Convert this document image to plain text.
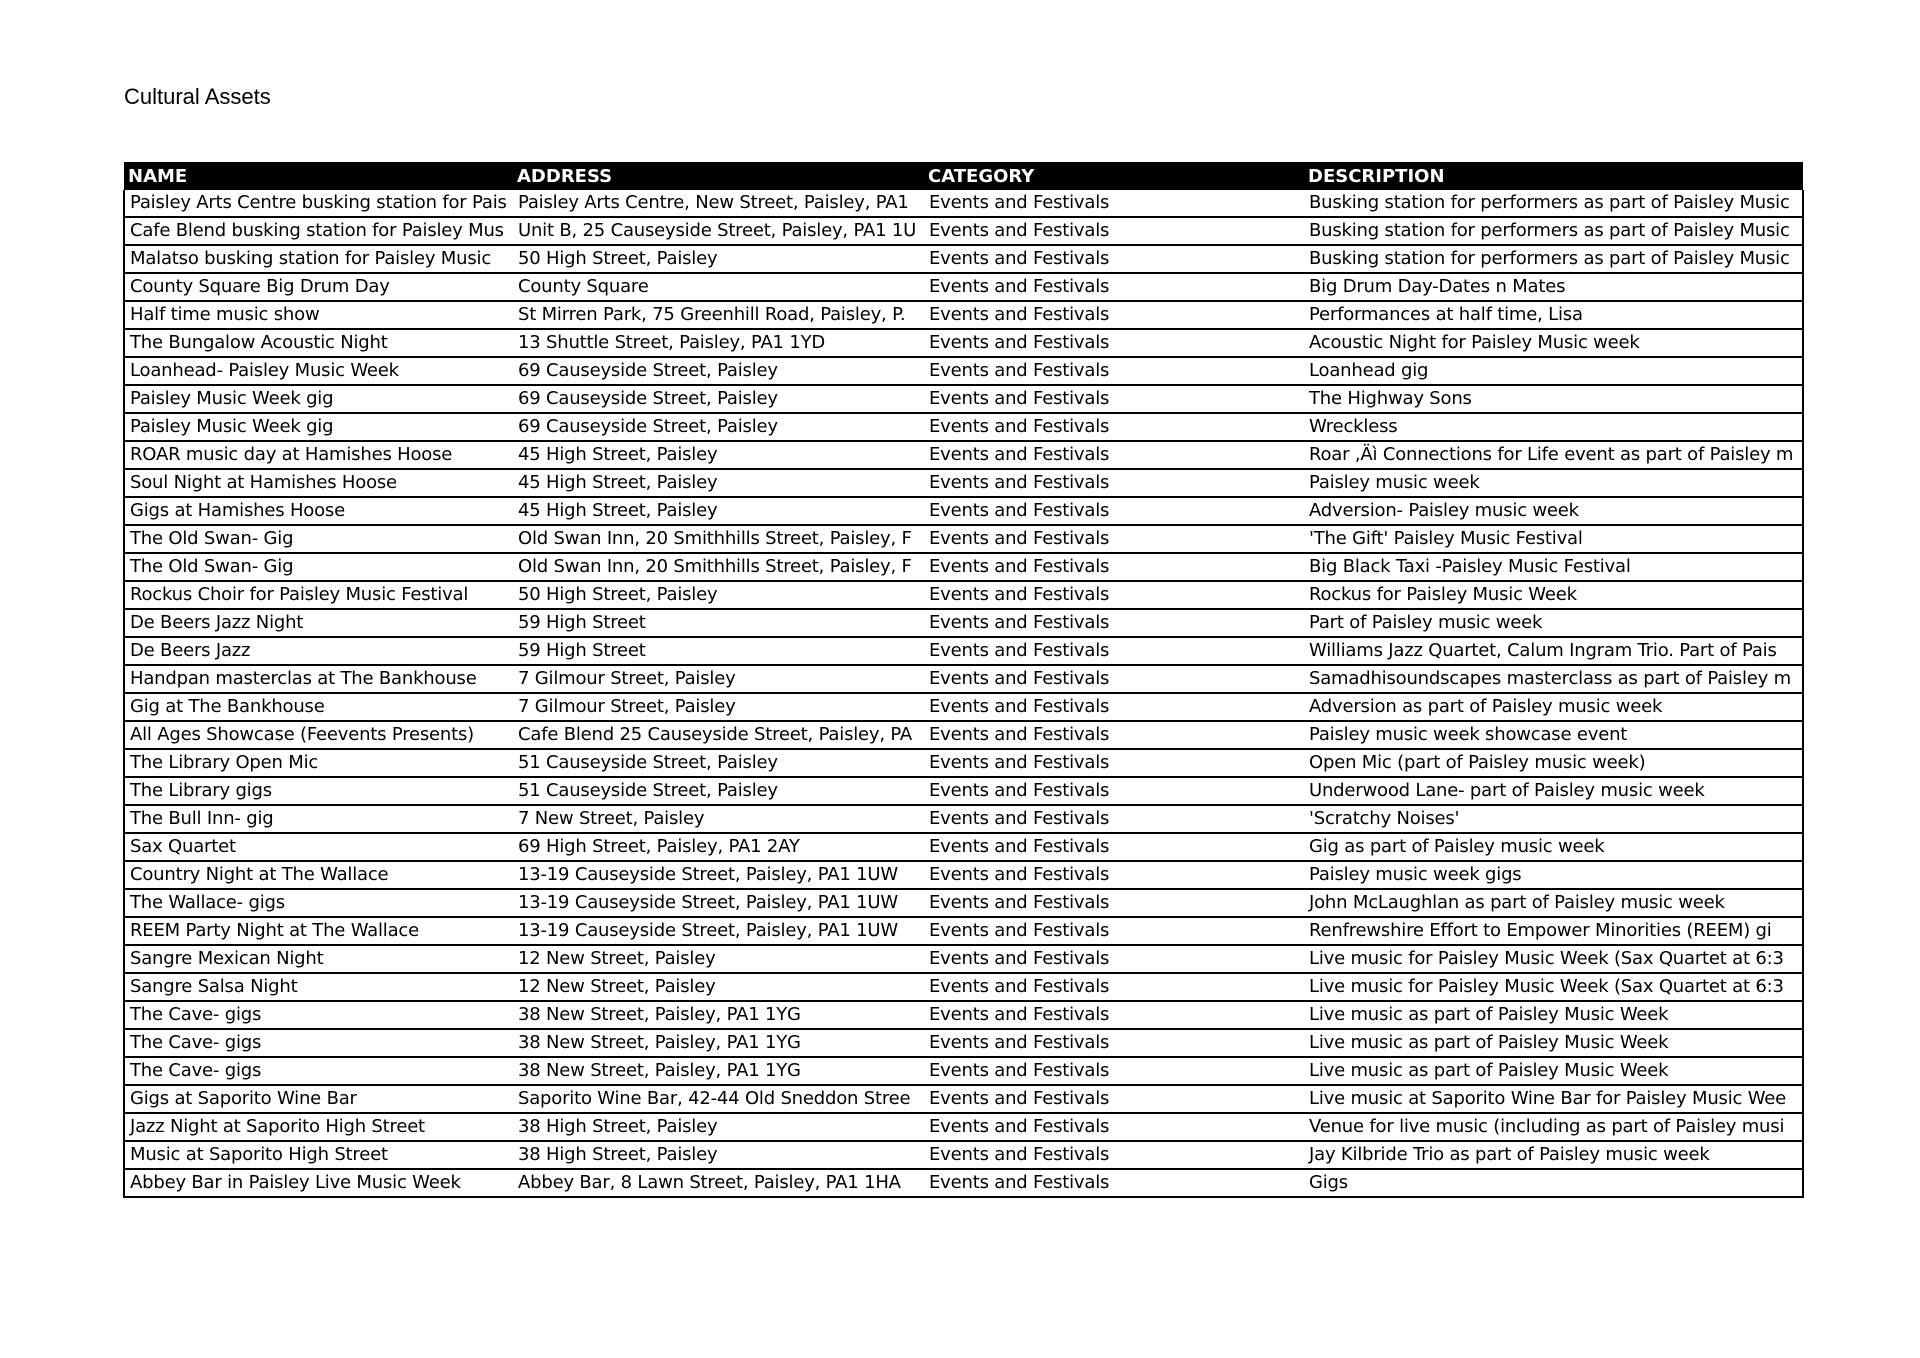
Cultural Assets
NAME	ADDRESS	CATEGORY	DESCRIPTION
Paisley Arts Centre busking station for Pais	Paisley Arts Centre, New Street, Paisley, PA1	Events and Festivals	Busking station for performers as part of Paisley Music
Cafe Blend busking station for Paisley Mus	Unit B, 25 Causeyside Street, Paisley, PA1 1U	Events and Festivals	Busking station for performers as part of Paisley Music
Malatso busking station for Paisley Music	50 High Street, Paisley	Events and Festivals	Busking station for performers as part of Paisley Music
County Square Big Drum Day	County Square	Events and Festivals	Big Drum Day-Dates n Mates
Half time music show	St Mirren Park, 75 Greenhill Road, Paisley, P.	Events and Festivals	Performances at half time, Lisa
The Bungalow Acoustic Night	13 Shuttle Street, Paisley, PA1 1YD	Events and Festivals	Acoustic Night for Paisley Music week
Loanhead- Paisley Music Week	69 Causeyside Street, Paisley	Events and Festivals	Loanhead gig
Paisley Music Week gig	69 Causeyside Street, Paisley	Events and Festivals	The Highway Sons
Paisley Music Week gig	69 Causeyside Street, Paisley	Events and Festivals	Wreckless
ROAR music day at Hamishes Hoose	45 High Street, Paisley	Events and Festivals	Roar ,Äì Connections for Life event as part of Paisley m
Soul Night at Hamishes Hoose	45 High Street, Paisley	Events and Festivals	Paisley music week
Gigs at Hamishes Hoose	45 High Street, Paisley	Events and Festivals	Adversion- Paisley music week
The Old Swan- Gig	Old Swan Inn, 20 Smithhills Street, Paisley, F	Events and Festivals	'The Gift' Paisley Music Festival
The Old Swan- Gig	Old Swan Inn, 20 Smithhills Street, Paisley, F	Events and Festivals	Big Black Taxi -Paisley Music Festival
Rockus Choir for Paisley Music Festival	50 High Street, Paisley	Events and Festivals	Rockus for Paisley Music Week
De Beers Jazz Night	59 High Street	Events and Festivals	Part of Paisley music week
De Beers Jazz	59 High Street	Events and Festivals	Williams Jazz Quartet, Calum Ingram Trio. Part of Pais
Handpan masterclas at The Bankhouse	7 Gilmour Street, Paisley	Events and Festivals	Samadhisoundscapes masterclass as part of Paisley m
Gig at The Bankhouse	7 Gilmour Street, Paisley	Events and Festivals	Adversion as part of Paisley music week
All Ages Showcase (Feevents Presents)	Cafe Blend 25 Causeyside Street, Paisley, PA	Events and Festivals	Paisley music week showcase event
The Library Open Mic	51 Causeyside Street, Paisley	Events and Festivals	Open Mic (part of Paisley music week)
The Library gigs	51 Causeyside Street, Paisley	Events and Festivals	Underwood Lane- part of Paisley music week
The Bull Inn- gig	7 New Street, Paisley	Events and Festivals	'Scratchy Noises'
Sax Quartet	69 High Street, Paisley, PA1 2AY	Events and Festivals	Gig as part of Paisley music week
Country Night at The Wallace	13-19 Causeyside Street, Paisley, PA1 1UW	Events and Festivals	Paisley music week gigs
The Wallace- gigs	13-19 Causeyside Street, Paisley, PA1 1UW	Events and Festivals	John McLaughlan as part of Paisley music week
REEM Party Night at The Wallace	13-19 Causeyside Street, Paisley, PA1 1UW	Events and Festivals	Renfrewshire Effort to Empower Minorities (REEM) gi
Sangre Mexican Night	12 New Street, Paisley	Events and Festivals	Live music for Paisley Music Week (Sax Quartet at 6:3
Sangre Salsa Night	12 New Street, Paisley	Events and Festivals	Live music for Paisley Music Week (Sax Quartet at 6:3
The Cave- gigs	38 New Street, Paisley, PA1 1YG	Events and Festivals	Live music as part of Paisley Music Week
The Cave- gigs	38 New Street, Paisley, PA1 1YG	Events and Festivals	Live music as part of Paisley Music Week
The Cave- gigs	38 New Street, Paisley, PA1 1YG	Events and Festivals	Live music as part of Paisley Music Week
Gigs at Saporito Wine Bar	Saporito Wine Bar, 42-44 Old Sneddon Stree	Events and Festivals	Live music at Saporito Wine Bar for Paisley Music Wee
Jazz Night at Saporito High Street	38 High Street, Paisley	Events and Festivals	Venue for live music (including as part of Paisley musi
Music at Saporito High Street	38 High Street, Paisley	Events and Festivals	Jay Kilbride Trio as part of Paisley music week
Abbey Bar in Paisley Live Music Week	Abbey Bar, 8 Lawn Street, Paisley, PA1 1HA	Events and Festivals	Gigs
